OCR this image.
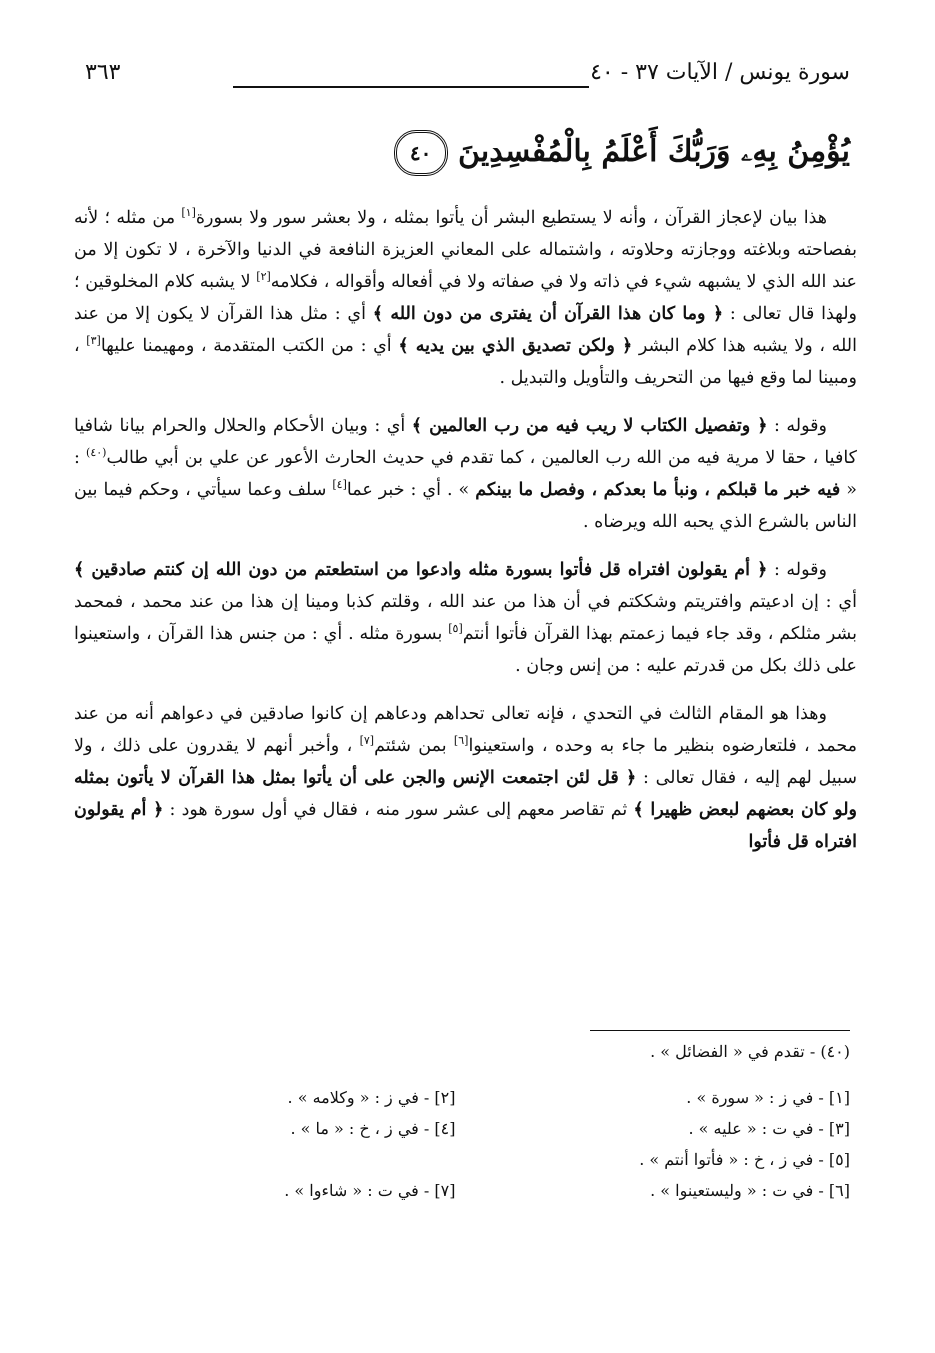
سورة يونس / الآيات ٣٧ - ٤٠
٣٦٣
يُؤْمِنُ بِهِۦ وَرَبُّكَ أَعْلَمُ بِالْمُفْسِدِينَ ٤٠

هذا بيان لإعجاز القرآن ، وأنه لا يستطيع البشر أن يأتوا بمثله ، ولا بعشر سور ولا بسورة[١] من مثله ؛ لأنه بفصاحته وبلاغته ووجازته وحلاوته ، واشتماله على المعاني العزيزة النافعة في الدنيا والآخرة ، لا تكون إلا من عند الله الذي لا يشبهه شيء في ذاته ولا في صفاته ولا في أفعاله وأقواله ، فكلامه[٢] لا يشبه كلام المخلوقين ؛ ولهذا قال تعالى : ﴿ وما كان هذا القرآن أن يفترى من دون الله ﴾ أي : مثل هذا القرآن لا يكون إلا من عند الله ، ولا يشبه هذا كلام البشر ﴿ ولكن تصديق الذي بين يديه ﴾ أي : من الكتب المتقدمة ، ومهيمنا عليها[٣] ، ومبينا لما وقع فيها من التحريف والتأويل والتبديل .

وقوله : ﴿ وتفصيل الكتاب لا ريب فيه من رب العالمين ﴾ أي : وبيان الأحكام والحلال والحرام بيانا شافيا كافيا ، حقا لا مرية فيه من الله رب العالمين ، كما تقدم في حديث الحارث الأعور عن علي بن أبي طالب$^{(٤٠)}$ : « فيه خبر ما قبلكم ، ونبأ ما بعدكم ، وفصل ما بينكم » . أي : خبر عما[٤] سلف وعما سيأتي ، وحكم فيما بين الناس بالشرع الذي يحبه الله ويرضاه .

وقوله : ﴿ أم يقولون افتراه قل فأتوا بسورة مثله وادعوا من استطعتم من دون الله إن كنتم صادقين ﴾ أي : إن ادعيتم وافتريتم وشككتم في أن هذا من عند الله ، وقلتم كذبا ومينا إن هذا من عند محمد ، فمحمد بشر مثلكم ، وقد جاء فيما زعمتم بهذا القرآن فأتوا أنتم[٥] بسورة مثله . أي : من جنس هذا القرآن ، واستعينوا على ذلك بكل من قدرتم عليه : من إنس وجان .

وهذا هو المقام الثالث في التحدي ، فإنه تعالى تحداهم ودعاهم إن كانوا صادقين في دعواهم أنه من عند محمد ، فلتعارضوه بنظير ما جاء به وحده ، واستعينوا[٦] بمن شئتم[٧] ، وأخبر أنهم لا يقدرون على ذلك ، ولا سبيل لهم إليه ، فقال تعالى : ﴿ قل لئن اجتمعت الإنس والجن على أن يأتوا بمثل هذا القرآن لا يأتون بمثله ولو كان بعضهم لبعض ظهيرا ﴾ ثم تقاصر معهم إلى عشر سور منه ، فقال في أول سورة هود : ﴿ أم يقولون افتراه قل فأتوا

(٤٠) - تقدم في « الفضائل » .
[١] - في ز : « سورة » .
[٢] - في ز : « وكلامه » .
[٣] - في ت : « عليه » .
[٤] - في ز ، خ : « ما » .
[٥] - في ز ، خ : « فأتوا أنتم » .
[٦] - في ت : « وليستعينوا » .
[٧] - في ت : « شاءوا » .
